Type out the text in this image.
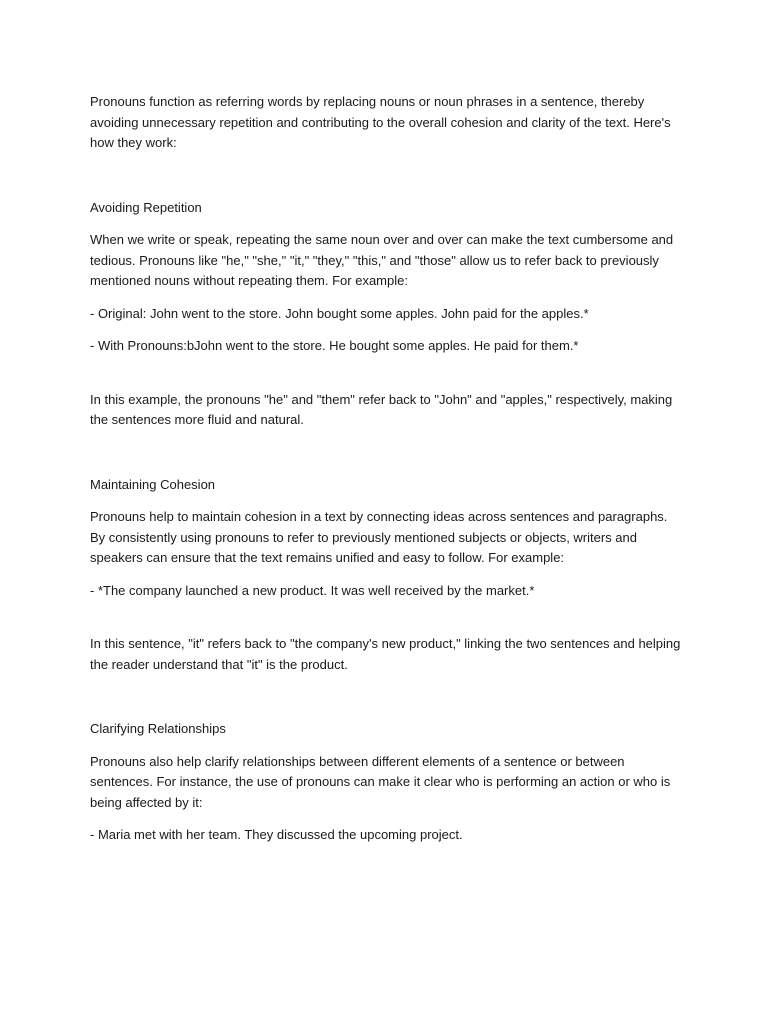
Pronouns function as referring words by replacing nouns or noun phrases in a sentence, thereby avoiding unnecessary repetition and contributing to the overall cohesion and clarity of the text. Here's how they work:

Avoiding Repetition

When we write or speak, repeating the same noun over and over can make the text cumbersome and tedious. Pronouns like "he," "she," "it," "they," "this," and "those" allow us to refer back to previously mentioned nouns without repeating them. For example:

- Original: John went to the store. John bought some apples. John paid for the apples.*

- With Pronouns:bJohn went to the store. He bought some apples. He paid for them.*

In this example, the pronouns "he" and "them" refer back to "John" and "apples," respectively, making the sentences more fluid and natural.

Maintaining Cohesion

Pronouns help to maintain cohesion in a text by connecting ideas across sentences and paragraphs. By consistently using pronouns to refer to previously mentioned subjects or objects, writers and speakers can ensure that the text remains unified and easy to follow. For example:

- *The company launched a new product. It was well received by the market.*

In this sentence, "it" refers back to "the company's new product," linking the two sentences and helping the reader understand that "it" is the product.

Clarifying Relationships

Pronouns also help clarify relationships between different elements of a sentence or between sentences. For instance, the use of pronouns can make it clear who is performing an action or who is being affected by it:

- Maria met with her team. They discussed the upcoming project.
